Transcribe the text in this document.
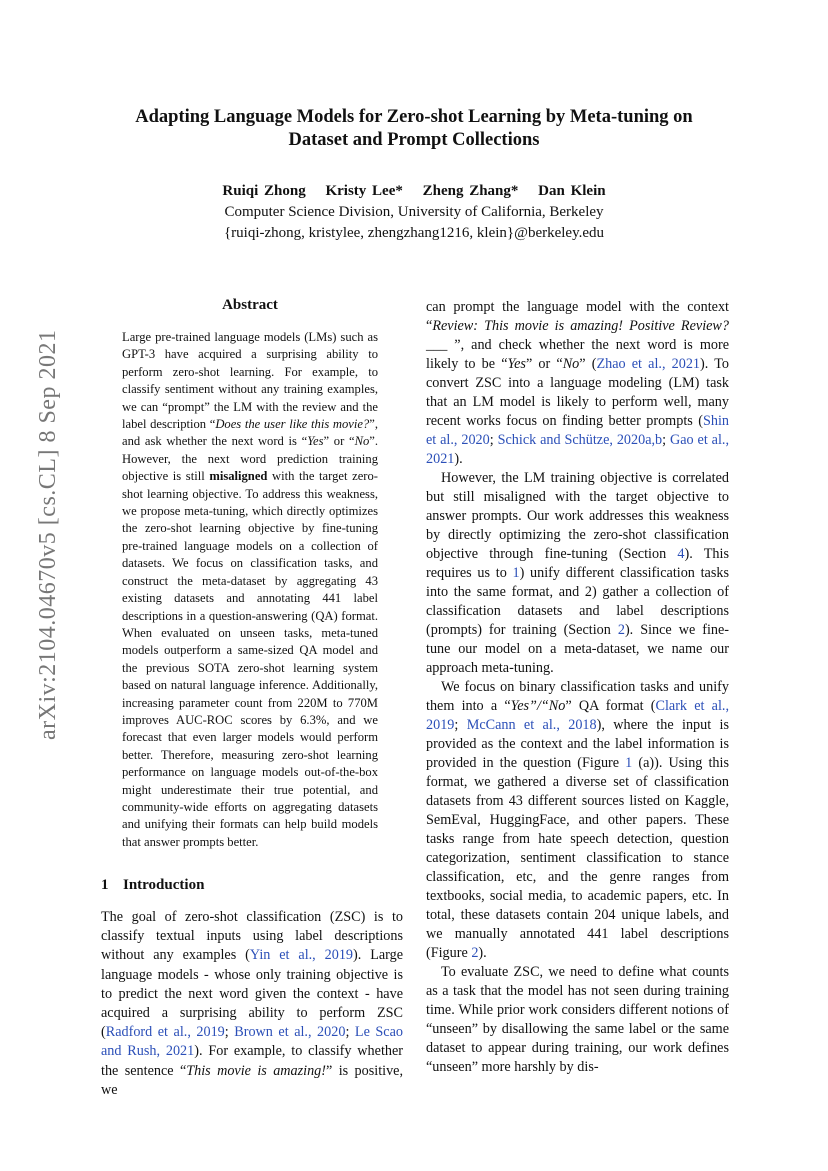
Adapting Language Models for Zero-shot Learning by Meta-tuning on
Dataset and Prompt Collections
Ruiqi Zhong Kristy Lee* Zheng Zhang* Dan Klein
Computer Science Division, University of California, Berkeley
{ruiqi-zhong, kristylee, zhengzhang1216, klein}@berkeley.edu
arXiv:2104.04670v5 [cs.CL] 8 Sep 2021
Abstract
Large pre-trained language models (LMs) such as GPT-3 have acquired a surprising ability to perform zero-shot learning. For example, to classify sentiment without any training examples, we can “prompt” the LM with the review and the label description “Does the user like this movie?”, and ask whether the next word is “Yes” or “No”. However, the next word prediction training objective is still misaligned with the target zero-shot learning objective. To address this weakness, we propose meta-tuning, which directly optimizes the zero-shot learning objective by fine-tuning pre-trained language models on a collection of datasets. We focus on classification tasks, and construct the meta-dataset by aggregating 43 existing datasets and annotating 441 label descriptions in a question-answering (QA) format. When evaluated on unseen tasks, meta-tuned models outperform a same-sized QA model and the previous SOTA zero-shot learning system based on natural language inference. Additionally, increasing parameter count from 220M to 770M improves AUC-ROC scores by 6.3%, and we forecast that even larger models would perform better. Therefore, measuring zero-shot learning performance on language models out-of-the-box might underestimate their true potential, and community-wide efforts on aggregating datasets and unifying their formats can help build models that answer prompts better.
1 Introduction

The goal of zero-shot classification (ZSC) is to classify textual inputs using label descriptions without any examples (Yin et al., 2019). Large language models - whose only training objective is to predict the next word given the context - have acquired a surprising ability to perform ZSC (Radford et al., 2019; Brown et al., 2020; Le Scao and Rush, 2021). For example, to classify whether the sentence “This movie is amazing!” is positive, we

can prompt the language model with the context “Review: This movie is amazing! Positive Review? ___ ”, and check whether the next word is more likely to be “Yes” or “No” (Zhao et al., 2021). To convert ZSC into a language modeling (LM) task that an LM model is likely to perform well, many recent works focus on finding better prompts (Shin et al., 2020; Schick and Schütze, 2020a,b; Gao et al., 2021).

However, the LM training objective is correlated but still misaligned with the target objective to answer prompts. Our work addresses this weakness by directly optimizing the zero-shot classification objective through fine-tuning (Section 4). This requires us to 1) unify different classification tasks into the same format, and 2) gather a collection of classification datasets and label descriptions (prompts) for training (Section 2). Since we fine-tune our model on a meta-dataset, we name our approach meta-tuning.

We focus on binary classification tasks and unify them into a “Yes”/“No” QA format (Clark et al., 2019; McCann et al., 2018), where the input is provided as the context and the label information is provided in the question (Figure 1 (a)). Using this format, we gathered a diverse set of classification datasets from 43 different sources listed on Kaggle, SemEval, HuggingFace, and other papers. These tasks range from hate speech detection, question categorization, sentiment classification to stance classification, etc, and the genre ranges from textbooks, social media, to academic papers, etc. In total, these datasets contain 204 unique labels, and we manually annotated 441 label descriptions (Figure 2).

To evaluate ZSC, we need to define what counts as a task that the model has not seen during training time. While prior work considers different notions of “unseen” by disallowing the same label or the same dataset to appear during training, our work defines “unseen” more harshly by dis-
